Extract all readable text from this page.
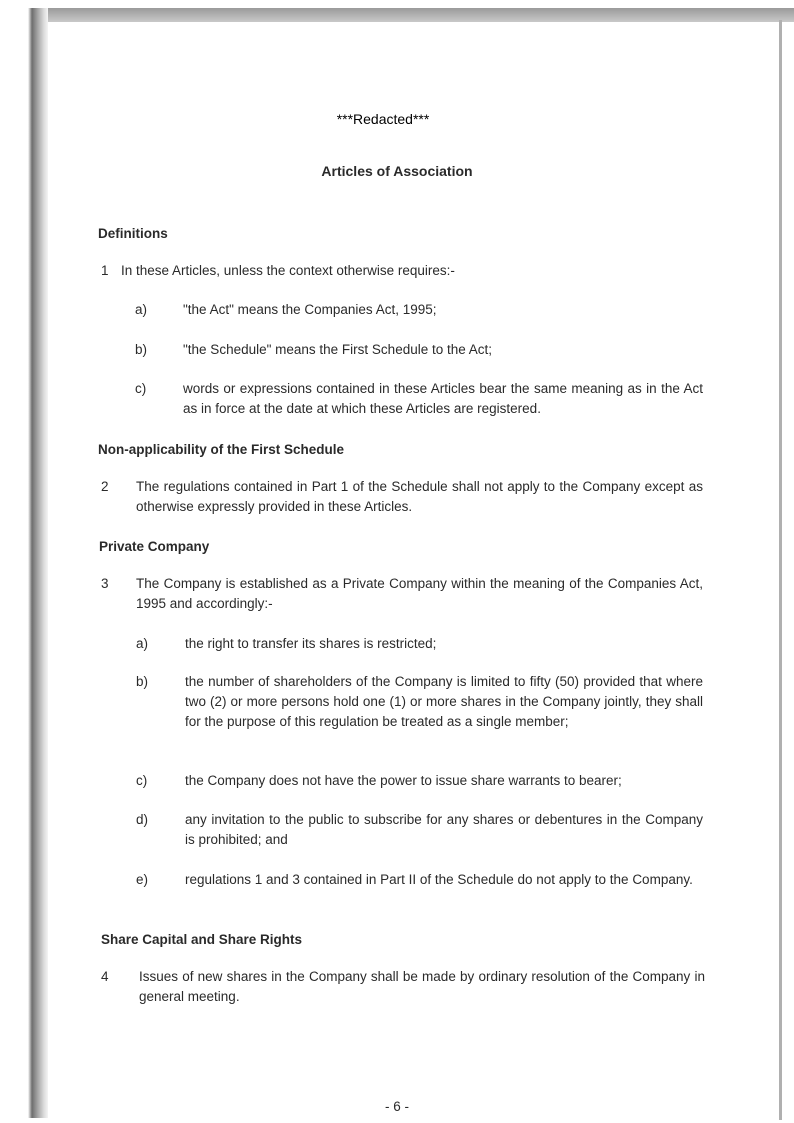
***Redacted***
Articles of Association
Definitions
1 In these Articles, unless the context otherwise requires:-
a)	"the Act" means the Companies Act, 1995;
b)	"the Schedule" means the First Schedule to the Act;
c)	words or expressions contained in these Articles bear the same meaning as in the Act as in force at the date at which these Articles are registered.
Non-applicability of the First Schedule
2 The regulations contained in Part 1 of the Schedule shall not apply to the Company except as otherwise expressly provided in these Articles.
Private Company
3 The Company is established as a Private Company within the meaning of the Companies Act, 1995 and accordingly:-
a)	the right to transfer its shares is restricted;
b)	the number of shareholders of the Company is limited to fifty (50) provided that where two (2) or more persons hold one (1) or more shares in the Company jointly, they shall for the purpose of this regulation be treated as a single member;
c)	the Company does not have the power to issue share warrants to bearer;
d)	any invitation to the public to subscribe for any shares or debentures in the Company is prohibited; and
e)	regulations 1 and 3 contained in Part II of the Schedule do not apply to the Company.
Share Capital and Share Rights
4 Issues of new shares in the Company shall be made by ordinary resolution of the Company in general meeting.
- 6 -
